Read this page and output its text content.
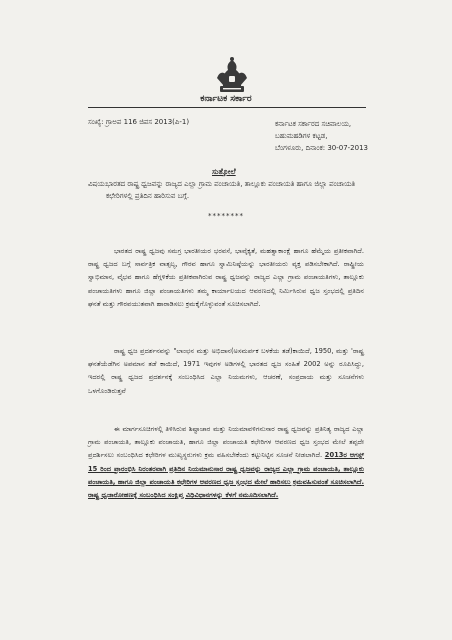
ಕರ್ನಾಟಕ ಸರ್ಕಾರ
ಸಂಖ್ಯೆ: ಗ್ರಾಅಪ 116 ಜಿಪಸ 2013(ಪಿ-1)	ಕರ್ನಾಟಕ ಸರ್ಕಾರದ ಸಚಿವಾಲಯ,
ಬಹುಮಹಡಿಗಳ ಕಟ್ಟಡ,
ಬೆಂಗಳೂರು, ದಿನಾಂಕ: 30-07-2013
ಸುತ್ತೋಲೆ
ವಿಷಯ:
ಭಾರತದ ರಾಷ್ಟ್ರ ಧ್ವಜವನ್ನು ರಾಜ್ಯದ ಎಲ್ಲಾ ಗ್ರಾಮ ಪಂಚಾಯತಿ, ತಾಲ್ಲೂಕು ಪಂಚಾಯತಿ ಹಾಗೂ ಜಿಲ್ಲಾ ಪಂಚಾಯತಿ ಕಛೇರಿಗಳಲ್ಲಿ ಪ್ರತಿದಿನ ಹಾರಿಸುವ ಬಗ್ಗೆ.
********
ಭಾರತದ ರಾಷ್ಟ್ರ ಧ್ವಜವು ಸಮಗ್ರ ಭಾರತೀಯರ ಭರವಸೆ, ಭಾವೈಕ್ಯತೆ, ಮಹತ್ವಾಕಾಂಕ್ಷೆ ಹಾಗೂ ಹೆಮ್ಮೆಯ ಪ್ರತೀಕವಾಗಿದೆ. ರಾಷ್ಟ್ರ ಧ್ವಜದ ಬಗ್ಗೆ ಸಾರ್ವತ್ರಿಕ ವಾತ್ಸಲ್ಯ, ಗೌರವ ಹಾಗೂ ಸ್ವಾಮಿನಿಷ್ಠೆಯನ್ನು ಭಾರತೀಯರು ವ್ಯಕ್ತ ಪಡಿಸಬೇಕಾಗಿದೆ. ರಾಷ್ಟ್ರೀಯ ಸ್ವಾಭಿಮಾನ, ವೈಭವ ಹಾಗೂ ಹೆಗ್ಗಳಿಕೆಯ ಪ್ರತೀಕವಾಗಿರುವ ರಾಷ್ಟ್ರ ಧ್ವಜವನ್ನು ರಾಜ್ಯದ ಎಲ್ಲಾ ಗ್ರಾಮ ಪಂಚಾಯತಿಗಳು, ತಾಲ್ಲೂಕು ಪಂಚಾಯತಿಗಳು ಹಾಗೂ ಜಿಲ್ಲಾ ಪಂಚಾಯತಿಗಳು ತಮ್ಮ ಕಾರ್ಯಾಲಯದ ಆವರಣದಲ್ಲಿ ನಿರ್ಮಿಸಿರುವ ಧ್ವಜ ಸ್ತಂಭದಲ್ಲಿ ಪ್ರತಿದಿನ ಘನತೆ ಮತ್ತು ಗೌರವಯುತವಾಗಿ ಹಾರಾಡಿಸಲು ಕ್ರಮಕೈಗೊಳ್ಳುವಂತೆ ಸೂಚಿಸಲಾಗಿದೆ.
ರಾಷ್ಟ್ರ ಧ್ವಜ ಪ್ರದರ್ಶನವನ್ನು "ಲಾಂಛನ ಮತ್ತು ಅಭಿದಾನ(ಅಸಮರ್ಪಕ ಬಳಕೆಯ ತಡೆ)ಕಾಯಿದೆ, 1950, ಮತ್ತು 'ರಾಷ್ಟ್ರ ಘನತೆಯೆಡೆಗಿನ ಅಪಮಾನ ತಡೆ ಕಾಯಿದೆ, 1971 ಇವುಗಳ ಅಡಿಗಳಲ್ಲಿ ಭಾರತದ ಧ್ವಜ ಸಂಹಿತೆ 2002 ಅನ್ನು ರೂಪಿಸಿದ್ದು, ಇದರಲ್ಲಿ ರಾಷ್ಟ್ರ ಧ್ವಜದ ಪ್ರದರ್ಶನಕ್ಕೆ ಸಂಬಂಧಿಸಿದ ಎಲ್ಲಾ ನಿಯಮಗಳು, ಆಚರಣೆ, ಸಂಪ್ರದಾಯ ಮತ್ತು ಸೂಚನೆಗಳು ಒಳಗೊಂಡಿರುತ್ತವೆ
ಈ ಮಾರ್ಗಸೂಚಿಗಳಲ್ಲಿ ತಿಳಿಸಿರುವ ಶಿಷ್ಟಾಚಾರ ಮತ್ತು ನಿಯಮಾವಳಿಗನುಸಾರ ರಾಷ್ಟ್ರ ಧ್ವಜವನ್ನು ಪ್ರತಿನಿತ್ಯ ರಾಜ್ಯದ ಎಲ್ಲಾ ಗ್ರಾಮ ಪಂಚಾಯತಿ, ತಾಲ್ಲೂಕು ಪಂಚಾಯತಿ, ಹಾಗೂ ಜಿಲ್ಲಾ ಪಂಚಾಯತಿ ಕಛೇರಿಗಳ ಆವರಣದ ಧ್ವಜ ಸ್ತಂಭದ ಮೇಲೆ ತಪ್ಪದೇ ಪ್ರದರ್ಶಿಸಲು ಸಂಬಂಧಿಸಿದ ಕಛೇರಿಗಳ ಮುಖ್ಯಸ್ಥರುಗಳು ಕ್ರಮ ವಹಿಸಬೇಕೆಂದು ಕಟ್ಟುನಿಟ್ಟಿನ ಸೂಚನೆ ನೀಡಲಾಗಿದೆ. 2013ರ ಆಗಸ್ಟ್ 15 ರಿಂದ ಪ್ರಾರಂಭಿಸಿ ನಿರಂತರವಾಗಿ ಪ್ರತಿದಿನ ನಿಯಮಾನುಸಾರ ರಾಷ್ಟ್ರ ಧ್ವಜವನ್ನು ರಾಜ್ಯದ ಎಲ್ಲಾ ಗ್ರಾಮ ಪಂಚಾಯತಿ, ತಾಲ್ಲೂಕು ಪಂಚಾಯತಿ, ಹಾಗೂ ಜಿಲ್ಲಾ ಪಂಚಾಯತಿ ಕಛೇರಿಗಳ ಆವರಣದ ಧ್ವಜ ಸ್ತಂಭದ ಮೇಲೆ ಹಾರಿಸಲು ಕ್ರಮವಹಿಸುವಂತೆ ಸೂಚಿಸಲಾಗಿದೆ. ರಾಷ್ಟ್ರ ಧ್ವಜಾರೋಹಣಕ್ಕೆ ಸಂಬಂಧಿಸಿದ ಸಂಕ್ಷಿಪ್ತ ವಿಧಿವಿಧಾನಗಳನ್ನು ಕೆಳಗೆ ನಮೂದಿಸಲಾಗಿದೆ.
